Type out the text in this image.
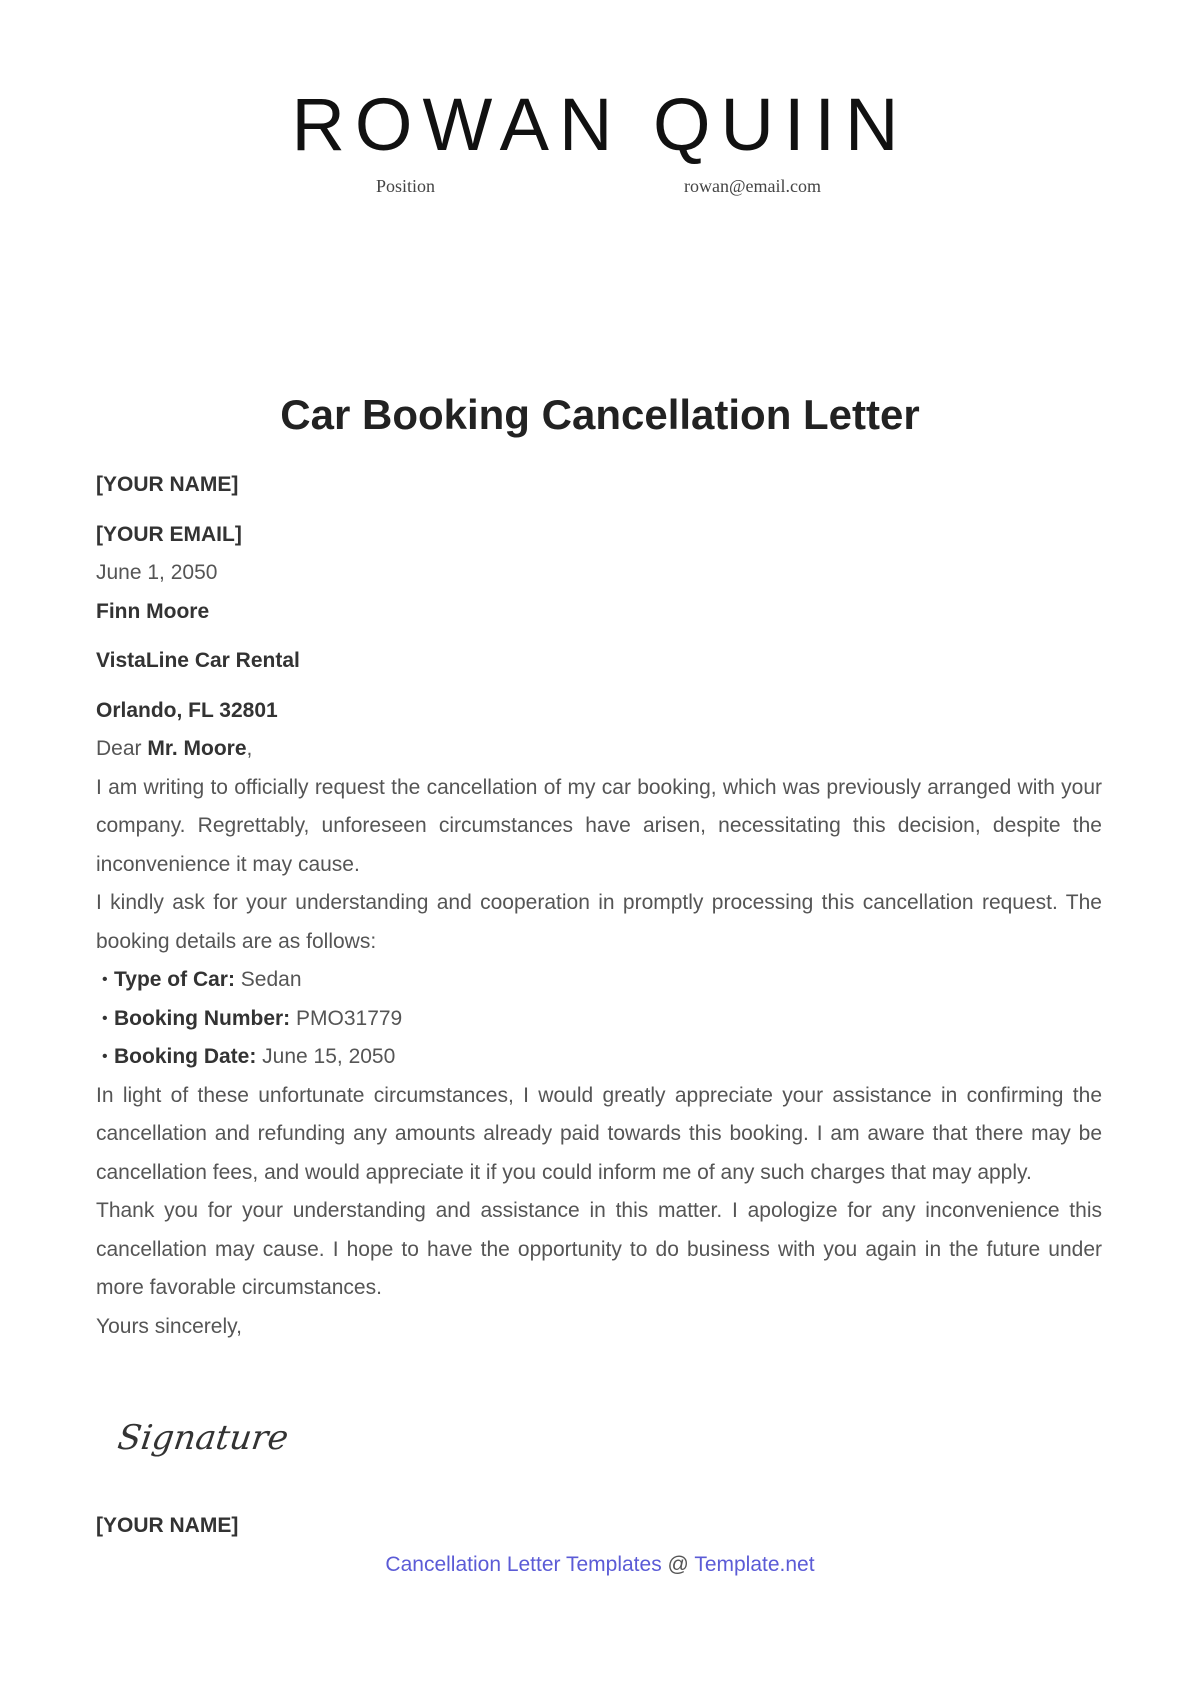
ROWAN QUIIN
Position	rowan@email.com
Car Booking Cancellation Letter

[YOUR NAME]

[YOUR EMAIL]

June 1, 2050

Finn Moore

VistaLine Car Rental

Orlando, FL 32801

Dear Mr. Moore,

I am writing to officially request the cancellation of my car booking, which was previously arranged with your company. Regrettably, unforeseen circumstances have arisen, necessitating this decision, despite the inconvenience it may cause.

I kindly ask for your understanding and cooperation in promptly processing this cancellation request. The booking details are as follows:

• Type of Car: Sedan
• Booking Number: PMO31779
• Booking Date: June 15, 2050

In light of these unfortunate circumstances, I would greatly appreciate your assistance in confirming the cancellation and refunding any amounts already paid towards this booking. I am aware that there may be cancellation fees, and would appreciate it if you could inform me of any such charges that may apply.

Thank you for your understanding and assistance in this matter. I apologize for any inconvenience this cancellation may cause. I hope to have the opportunity to do business with you again in the future under more favorable circumstances.

Yours sincerely,

Signature
[YOUR NAME]
Cancellation Letter Templates @ Template.net
